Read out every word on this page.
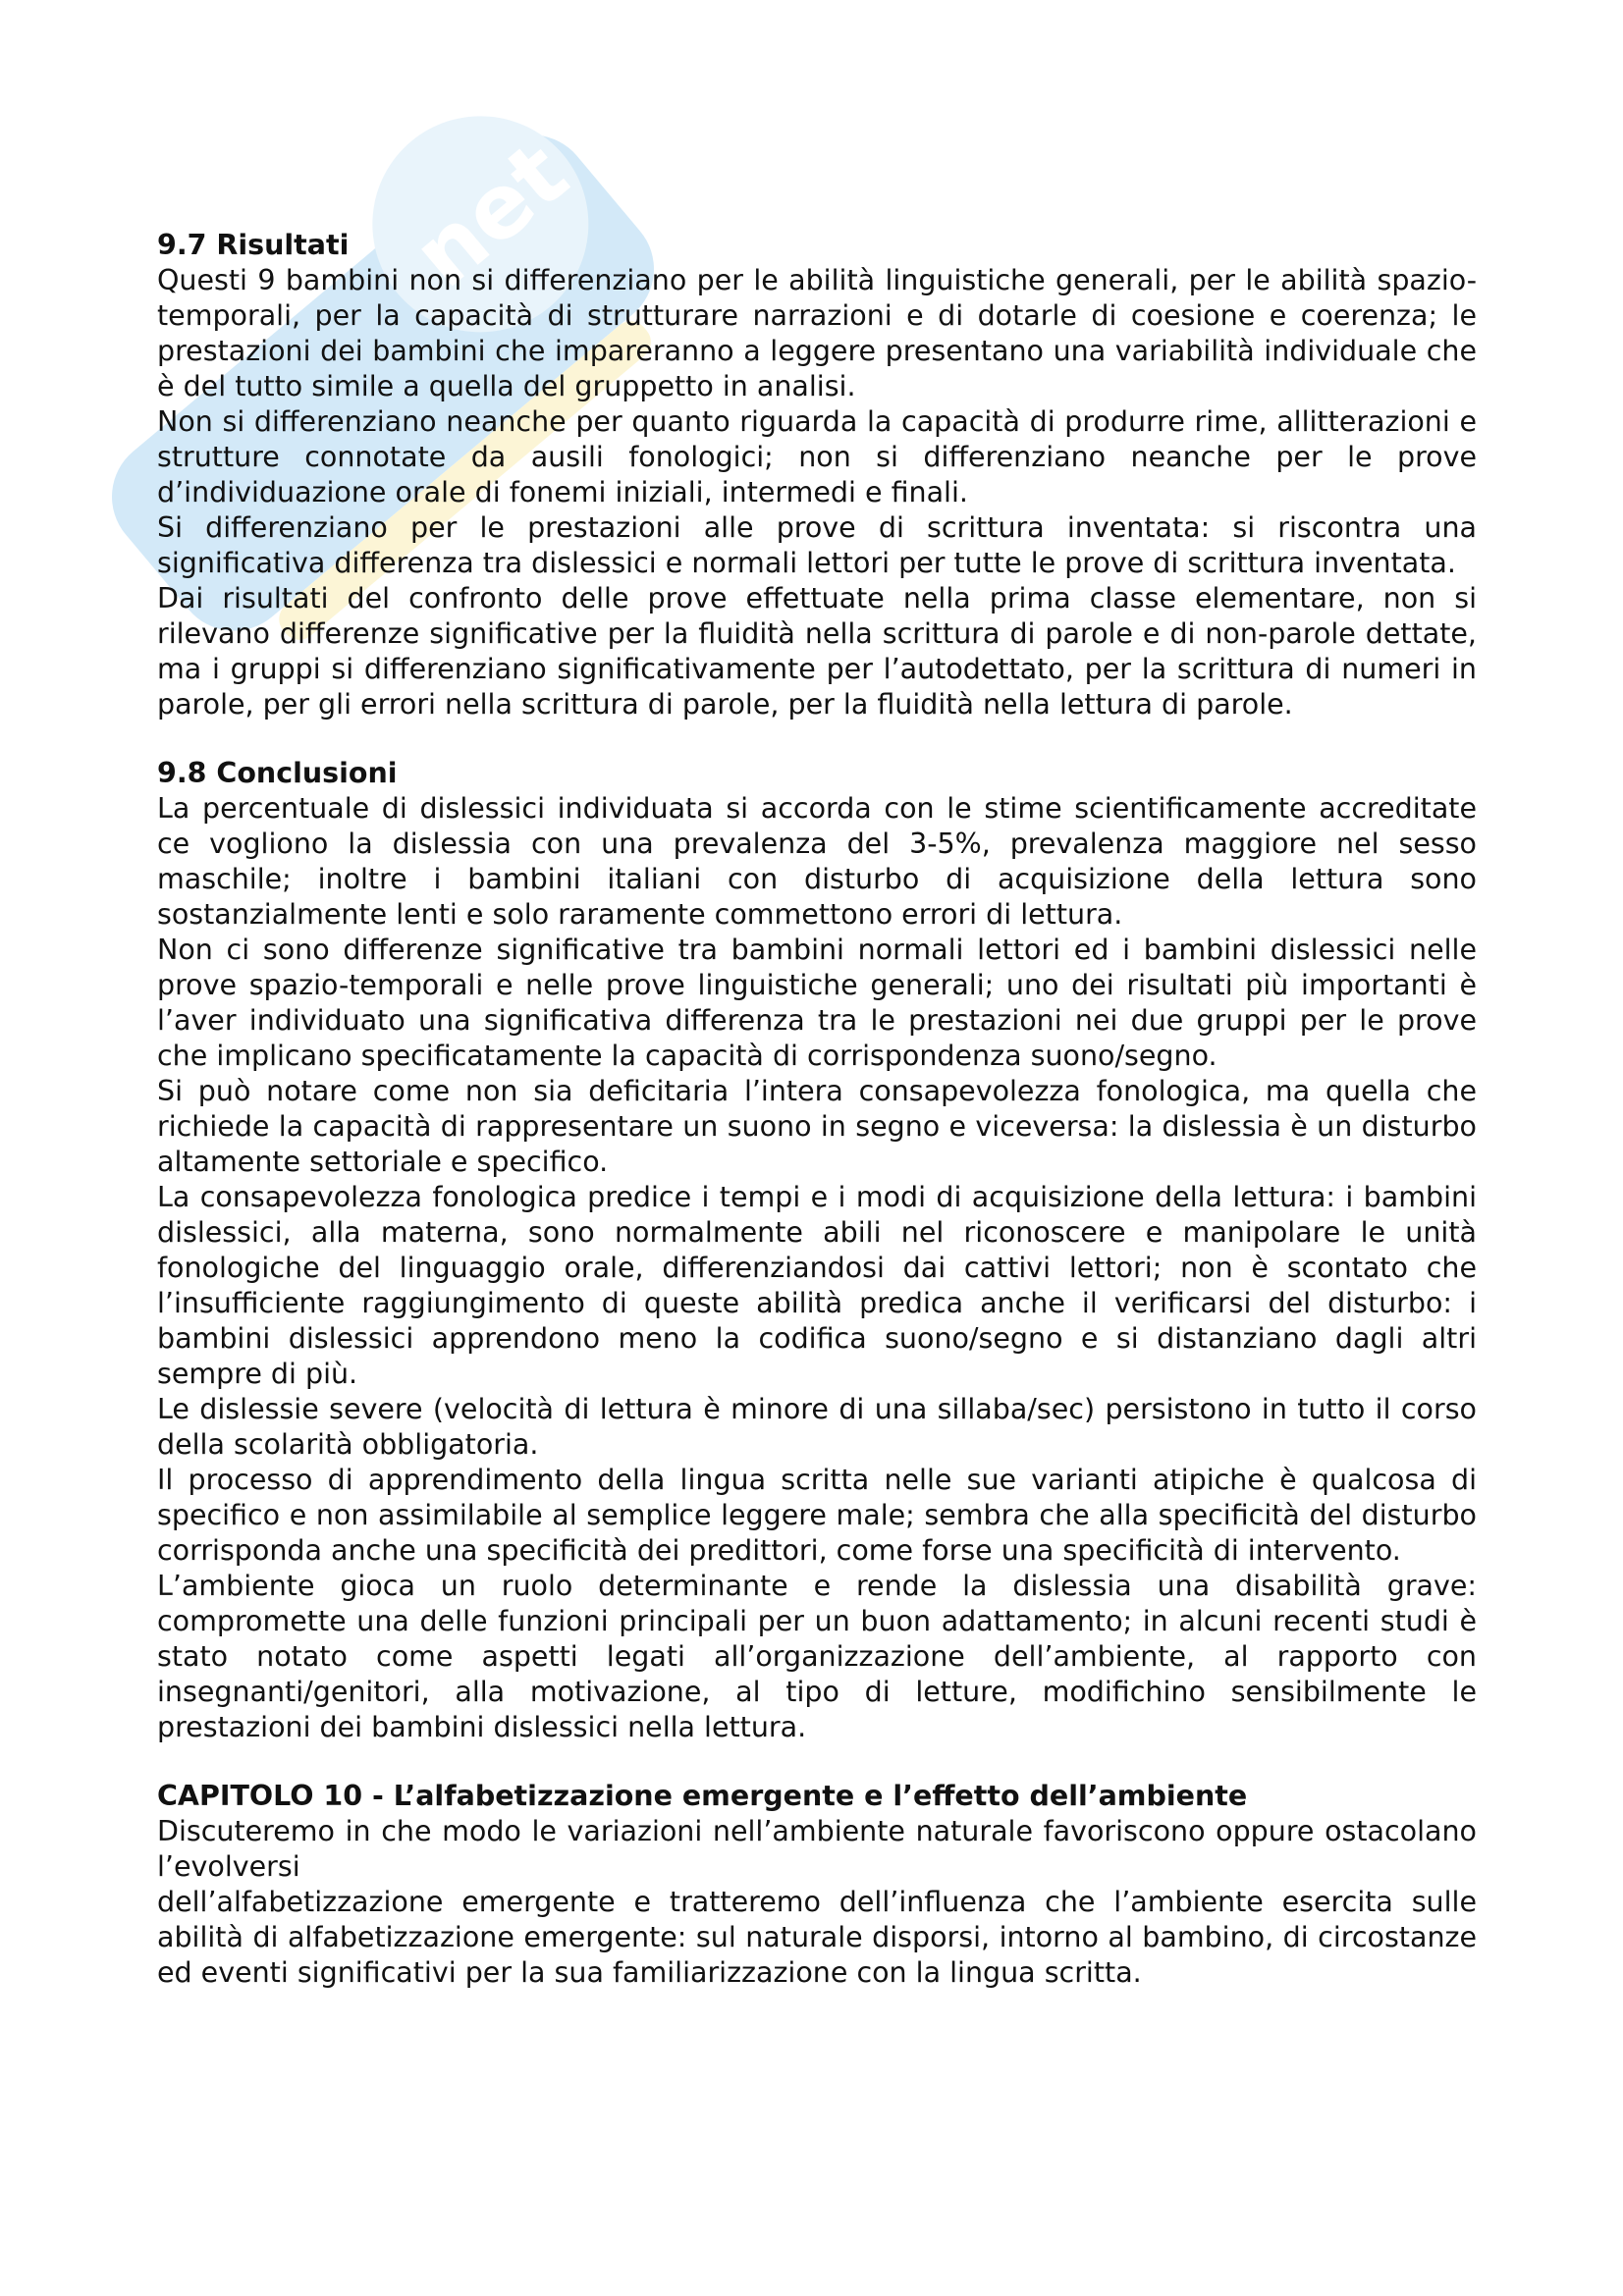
net
9.7 Risultati

Questi 9 bambini non si differenziano per le abilità linguistiche generali, per le abilità spazio-temporali, per la capacità di strutturare narrazioni e di dotarle di coesione e coerenza; le prestazioni dei bambini che impareranno a leggere presentano una variabilità individuale che è del tutto simile a quella del gruppetto in analisi.

Non si differenziano neanche per quanto riguarda la capacità di produrre rime, allitterazioni e strutture connotate da ausili fonologici; non si differenziano neanche per le prove d’individuazione orale di fonemi iniziali, intermedi e finali.

Si differenziano per le prestazioni alle prove di scrittura inventata: si riscontra una significativa differenza tra dislessici e normali lettori per tutte le prove di scrittura inventata.

Dai risultati del confronto delle prove effettuate nella prima classe elementare, non si rilevano differenze significative per la fluidità nella scrittura di parole e di non-parole dettate, ma i gruppi si differenziano significativamente per l’autodettato, per la scrittura di numeri in parole, per gli errori nella scrittura di parole, per la fluidità nella lettura di parole.

9.8 Conclusioni

La percentuale di dislessici individuata si accorda con le stime scientificamente accreditate ce vogliono la dislessia con una prevalenza del 3-5%, prevalenza maggiore nel sesso maschile; inoltre i bambini italiani con disturbo di acquisizione della lettura sono sostanzialmente lenti e solo raramente commettono errori di lettura.

Non ci sono differenze significative tra bambini normali lettori ed i bambini dislessici nelle prove spazio-temporali e nelle prove linguistiche generali; uno dei risultati più importanti è l’aver individuato una significativa differenza tra le prestazioni nei due gruppi per le prove che implicano specificatamente la capacità di corrispondenza suono/segno.

Si può notare come non sia deficitaria l’intera consapevolezza fonologica, ma quella che richiede la capacità di rappresentare un suono in segno e viceversa: la dislessia è un disturbo altamente settoriale e specifico.

La consapevolezza fonologica predice i tempi e i modi di acquisizione della lettura: i bambini dislessici, alla materna, sono normalmente abili nel riconoscere e manipolare le unità fonologiche del linguaggio orale, differenziandosi dai cattivi lettori; non è scontato che l’insufficiente raggiungimento di queste abilità predica anche il verificarsi del disturbo: i bambini dislessici apprendono meno la codifica suono/segno e si distanziano dagli altri sempre di più.

Le dislessie severe (velocità di lettura è minore di una sillaba/sec) persistono in tutto il corso della scolarità obbligatoria.

Il processo di apprendimento della lingua scritta nelle sue varianti atipiche è qualcosa di specifico e non assimilabile al semplice leggere male; sembra che alla specificità del disturbo corrisponda anche una specificità dei predittori, come forse una specificità di intervento.

L’ambiente gioca un ruolo determinante e rende la dislessia una disabilità grave: compromette una delle funzioni principali per un buon adattamento; in alcuni recenti studi è stato notato come aspetti legati all’organizzazione dell’ambiente, al rapporto con insegnanti/genitori, alla motivazione, al tipo di letture, modifichino sensibilmente le prestazioni dei bambini dislessici nella lettura.

CAPITOLO 10 - L’alfabetizzazione emergente e l’effetto dell’ambiente

Discuteremo in che modo le variazioni nell’ambiente naturale favoriscono oppure ostacolano l’evolversi

dell’alfabetizzazione emergente e tratteremo dell’influenza che l’ambiente esercita sulle abilità di alfabetizzazione emergente: sul naturale disporsi, intorno al bambino, di circostanze ed eventi significativi per la sua familiarizzazione con la lingua scritta.
